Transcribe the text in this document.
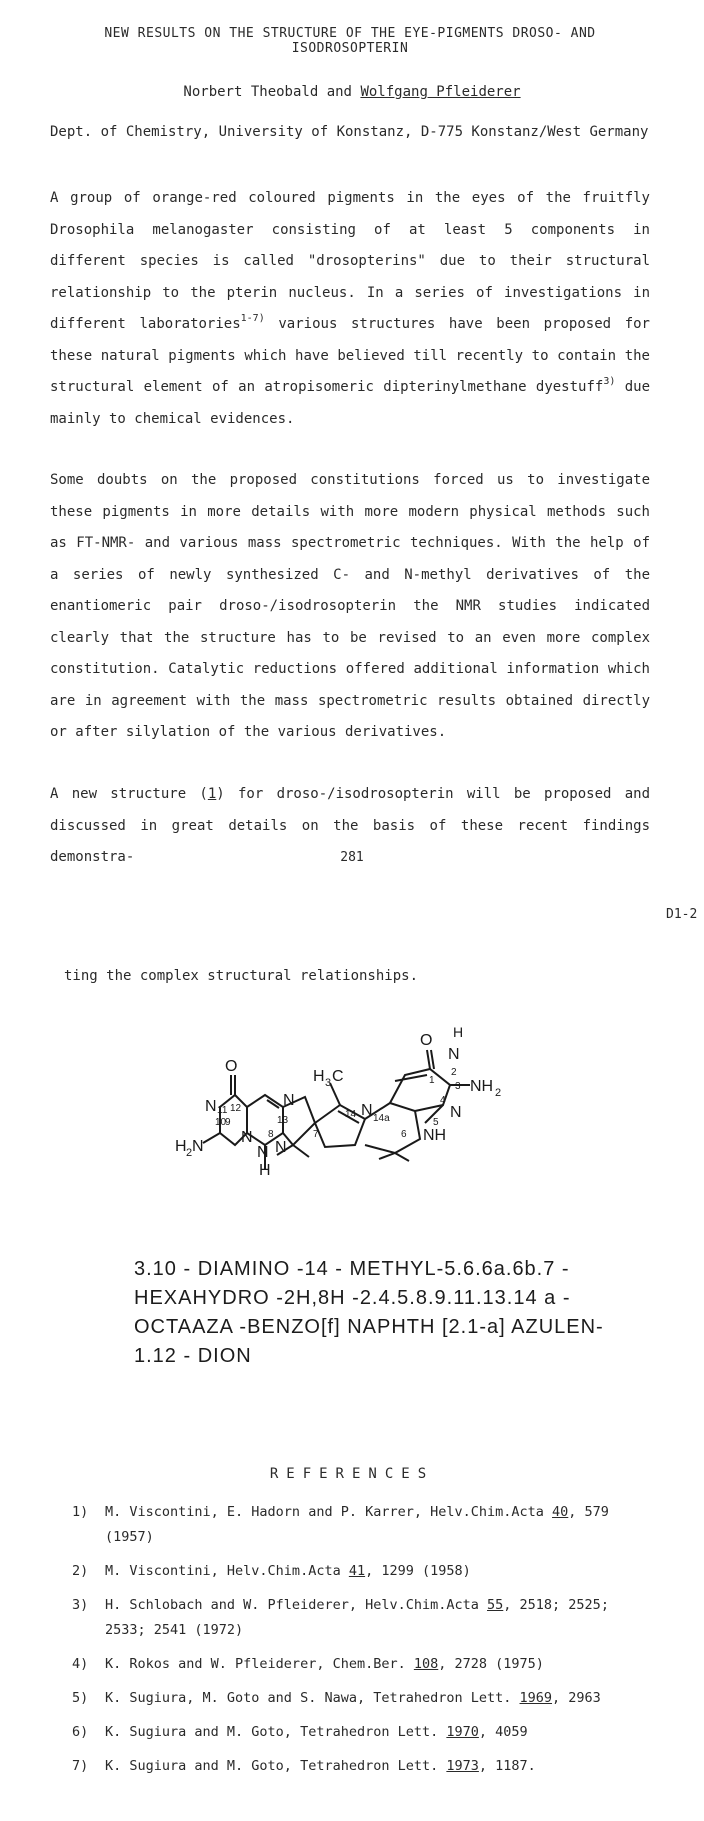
NEW RESULTS ON THE STRUCTURE OF THE EYE-PIGMENTS DROSO- AND
ISODROSOPTERIN
Norbert Theobald and Wolfgang Pfleiderer
Dept. of Chemistry, University of Konstanz, D-775 Konstanz/West Germany

A group of orange-red coloured pigments in the eyes of the fruitfly Drosophila melanogaster consisting of at least 5 components in different species is called "drosopterins" due to their structural relationship to the pterin nucleus. In a series of investigations in different laboratories$^{1-7)}$ various structures have been proposed for these natural pigments which have believed till recently to contain the structural element of an atropisomeric dipterinylmethane dyestuff$^{3)}$ due mainly to chemical evidences.

Some doubts on the proposed constitutions forced us to investigate these pigments in more details with more modern physical methods such as FT-NMR- and various mass spectrometric techniques. With the help of a series of newly synthesized C- and N-methyl derivatives of the enantiomeric pair droso-/isodrosopterin the NMR studies indicated clearly that the structure has to be revised to an even more complex constitution. Catalytic reductions offered additional information which are in agreement with the mass spectrometric results obtained directly or after silylation of the various derivatives.

A new structure (1) for droso-/isodrosopterin will be proposed and discussed in great details on the basis of these recent findings demonstra-	281
D1-2
ting the complex structural relationships.
O
O H
N
NH 2
N
NH
H 3 C
N
N
N
N
N
N
H
H 2 N
1
2
3
4
5
6
7
8
9
10
11 12
13
14 14a
3.10 - DIAMINO -14 - METHYL-5.6.6a.6b.7 -
HEXAHYDRO -2H,8H -2.4.5.8.9.11.13.14 a -
OCTAAZA -BENZO[f] NAPHTH [2.1-a] AZULEN-
1.12 - DION
REFERENCES
1) M. Viscontini, E. Hadorn and P. Karrer, Helv.Chim.Acta 40, 579 (1957)
2) M. Viscontini, Helv.Chim.Acta 41, 1299 (1958)
3) H. Schlobach and W. Pfleiderer, Helv.Chim.Acta 55, 2518; 2525; 2533; 2541 (1972)
4) K. Rokos and W. Pfleiderer, Chem.Ber. 108, 2728 (1975)
5) K. Sugiura, M. Goto and S. Nawa, Tetrahedron Lett. 1969, 2963
6) K. Sugiura and M. Goto, Tetrahedron Lett. 1970, 4059
7) K. Sugiura and M. Goto, Tetrahedron Lett. 1973, 1187.
